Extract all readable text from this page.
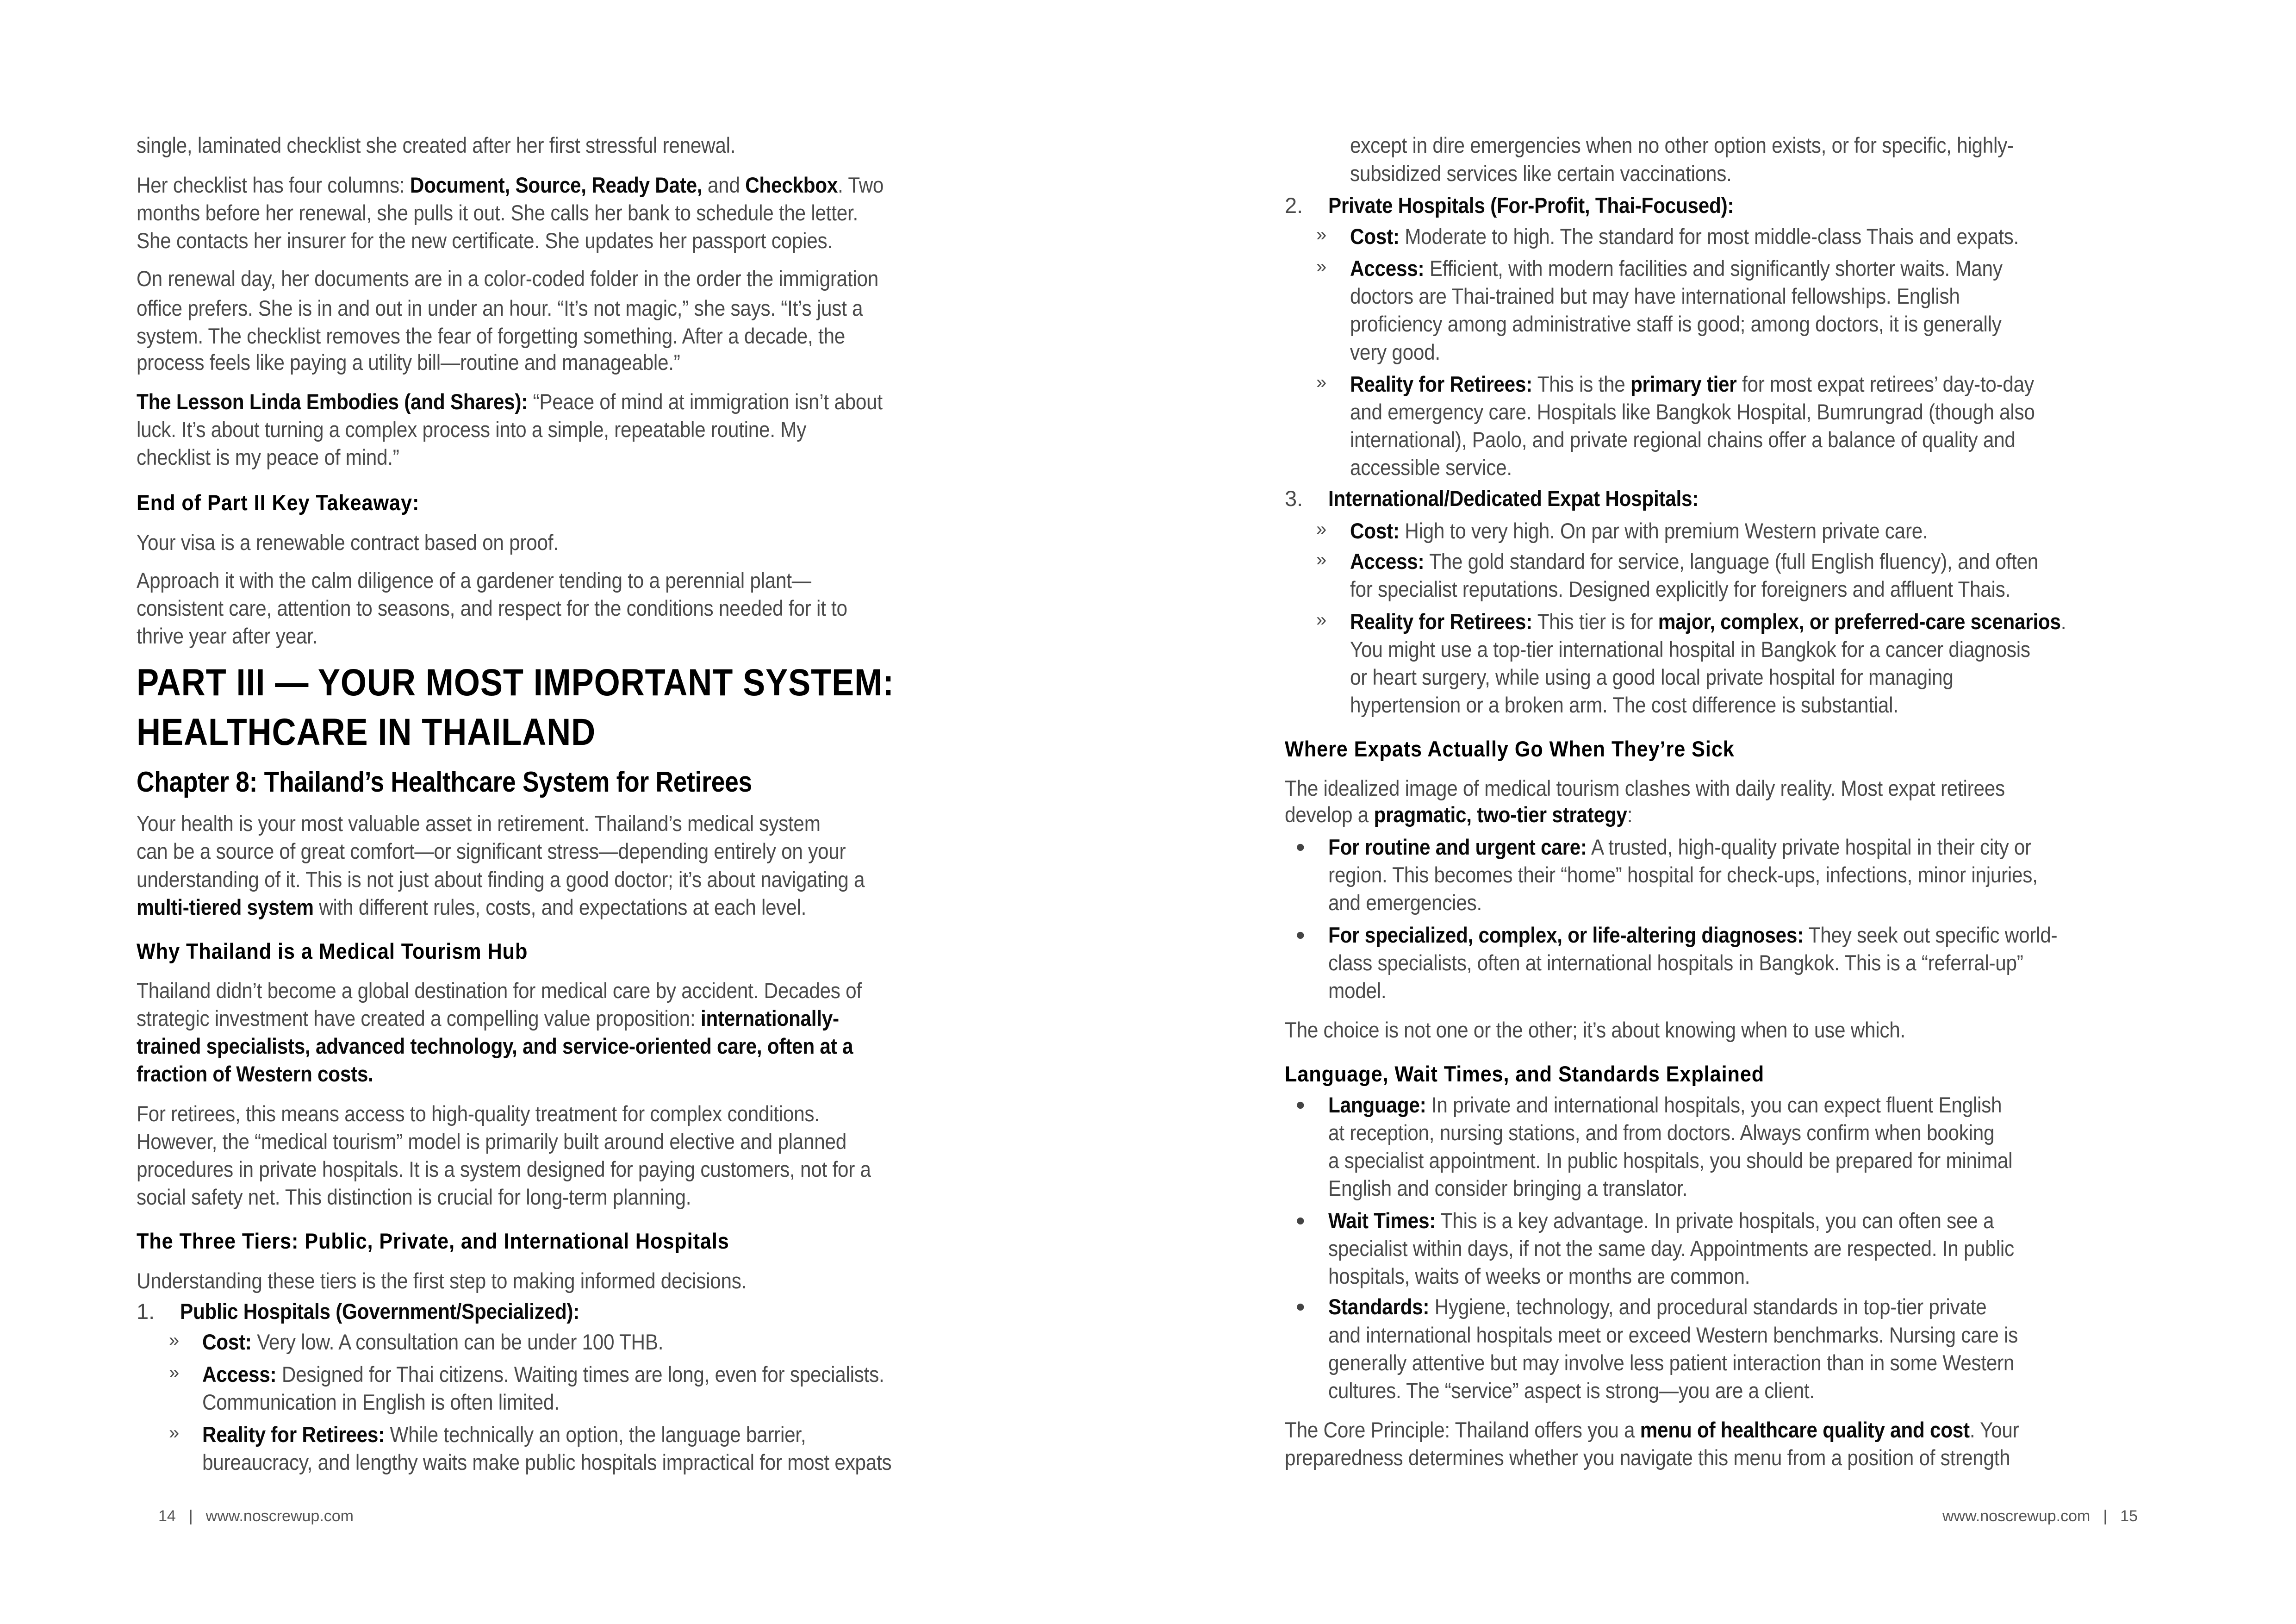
single, laminated checklist she created after her first stressful renewal.
Her checklist has four columns: Document, Source, Ready Date, and Checkbox. Two
months before her renewal, she pulls it out. She calls her bank to schedule the letter.
She contacts her insurer for the new certificate. She updates her passport copies.
On renewal day, her documents are in a color-coded folder in the order the immigration
office prefers. She is in and out in under an hour. “It’s not magic,” she says. “It’s just a
system. The checklist removes the fear of forgetting something. After a decade, the
process feels like paying a utility bill—routine and manageable.”
The Lesson Linda Embodies (and Shares): “Peace of mind at immigration isn’t about
luck. It’s about turning a complex process into a simple, repeatable routine. My
checklist is my peace of mind.”
End of Part II Key Takeaway:
Your visa is a renewable contract based on proof.
Approach it with the calm diligence of a gardener tending to a perennial plant—
consistent care, attention to seasons, and respect for the conditions needed for it to
thrive year after year.
PART III — YOUR MOST IMPORTANT SYSTEM:
HEALTHCARE IN THAILAND
Chapter 8: Thailand’s Healthcare System for Retirees
Your health is your most valuable asset in retirement. Thailand’s medical system
can be a source of great comfort—or significant stress—depending entirely on your
understanding of it. This is not just about finding a good doctor; it’s about navigating a
multi-tiered system with different rules, costs, and expectations at each level.
Why Thailand is a Medical Tourism Hub
Thailand didn’t become a global destination for medical care by accident. Decades of
strategic investment have created a compelling value proposition: internationally-
trained specialists, advanced technology, and service-oriented care, often at a
fraction of Western costs.
For retirees, this means access to high-quality treatment for complex conditions.
However, the “medical tourism” model is primarily built around elective and planned
procedures in private hospitals. It is a system designed for paying customers, not for a
social safety net. This distinction is crucial for long-term planning.
The Three Tiers: Public, Private, and International Hospitals
Understanding these tiers is the first step to making informed decisions.
Public Hospitals (Government/Specialized):
Cost: Very low. A consultation can be under 100 THB.
Access: Designed for Thai citizens. Waiting times are long, even for specialists.
Communication in English is often limited.
Reality for Retirees: While technically an option, the language barrier,
bureaucracy, and lengthy waits make public hospitals impractical for most expats
1.
»
»
»
14 | www.noscrewup.com
except in dire emergencies when no other option exists, or for specific, highly-
subsidized services like certain vaccinations.
Private Hospitals (For-Profit, Thai-Focused):
Cost: Moderate to high. The standard for most middle-class Thais and expats.
Access: Efficient, with modern facilities and significantly shorter waits. Many
doctors are Thai-trained but may have international fellowships. English
proficiency among administrative staff is good; among doctors, it is generally
very good.
Reality for Retirees: This is the primary tier for most expat retirees’ day-to-day
and emergency care. Hospitals like Bangkok Hospital, Bumrungrad (though also
international), Paolo, and private regional chains offer a balance of quality and
accessible service.
International/Dedicated Expat Hospitals:
Cost: High to very high. On par with premium Western private care.
Access: The gold standard for service, language (full English fluency), and often
for specialist reputations. Designed explicitly for foreigners and affluent Thais.
Reality for Retirees: This tier is for major, complex, or preferred-care scenarios.
You might use a top-tier international hospital in Bangkok for a cancer diagnosis
or heart surgery, while using a good local private hospital for managing
hypertension or a broken arm. The cost difference is substantial.
Where Expats Actually Go When They’re Sick
The idealized image of medical tourism clashes with daily reality. Most expat retirees
develop a pragmatic, two-tier strategy:
For routine and urgent care: A trusted, high-quality private hospital in their city or
region. This becomes their “home” hospital for check-ups, infections, minor injuries,
and emergencies.
For specialized, complex, or life-altering diagnoses: They seek out specific world-
class specialists, often at international hospitals in Bangkok. This is a “referral-up”
model.
The choice is not one or the other; it’s about knowing when to use which.
Language, Wait Times, and Standards Explained
Language: In private and international hospitals, you can expect fluent English
at reception, nursing stations, and from doctors. Always confirm when booking
a specialist appointment. In public hospitals, you should be prepared for minimal
English and consider bringing a translator.
Wait Times: This is a key advantage. In private hospitals, you can often see a
specialist within days, if not the same day. Appointments are respected. In public
hospitals, waits of weeks or months are common.
Standards: Hygiene, technology, and procedural standards in top-tier private
and international hospitals meet or exceed Western benchmarks. Nursing care is
generally attentive but may involve less patient interaction than in some Western
cultures. The “service” aspect is strong—you are a client.
The Core Principle: Thailand offers you a menu of healthcare quality and cost. Your
preparedness determines whether you navigate this menu from a position of strength
2.
»
»
»
3.
»
»
»
•
•
•
•
•
www.noscrewup.com | 15
